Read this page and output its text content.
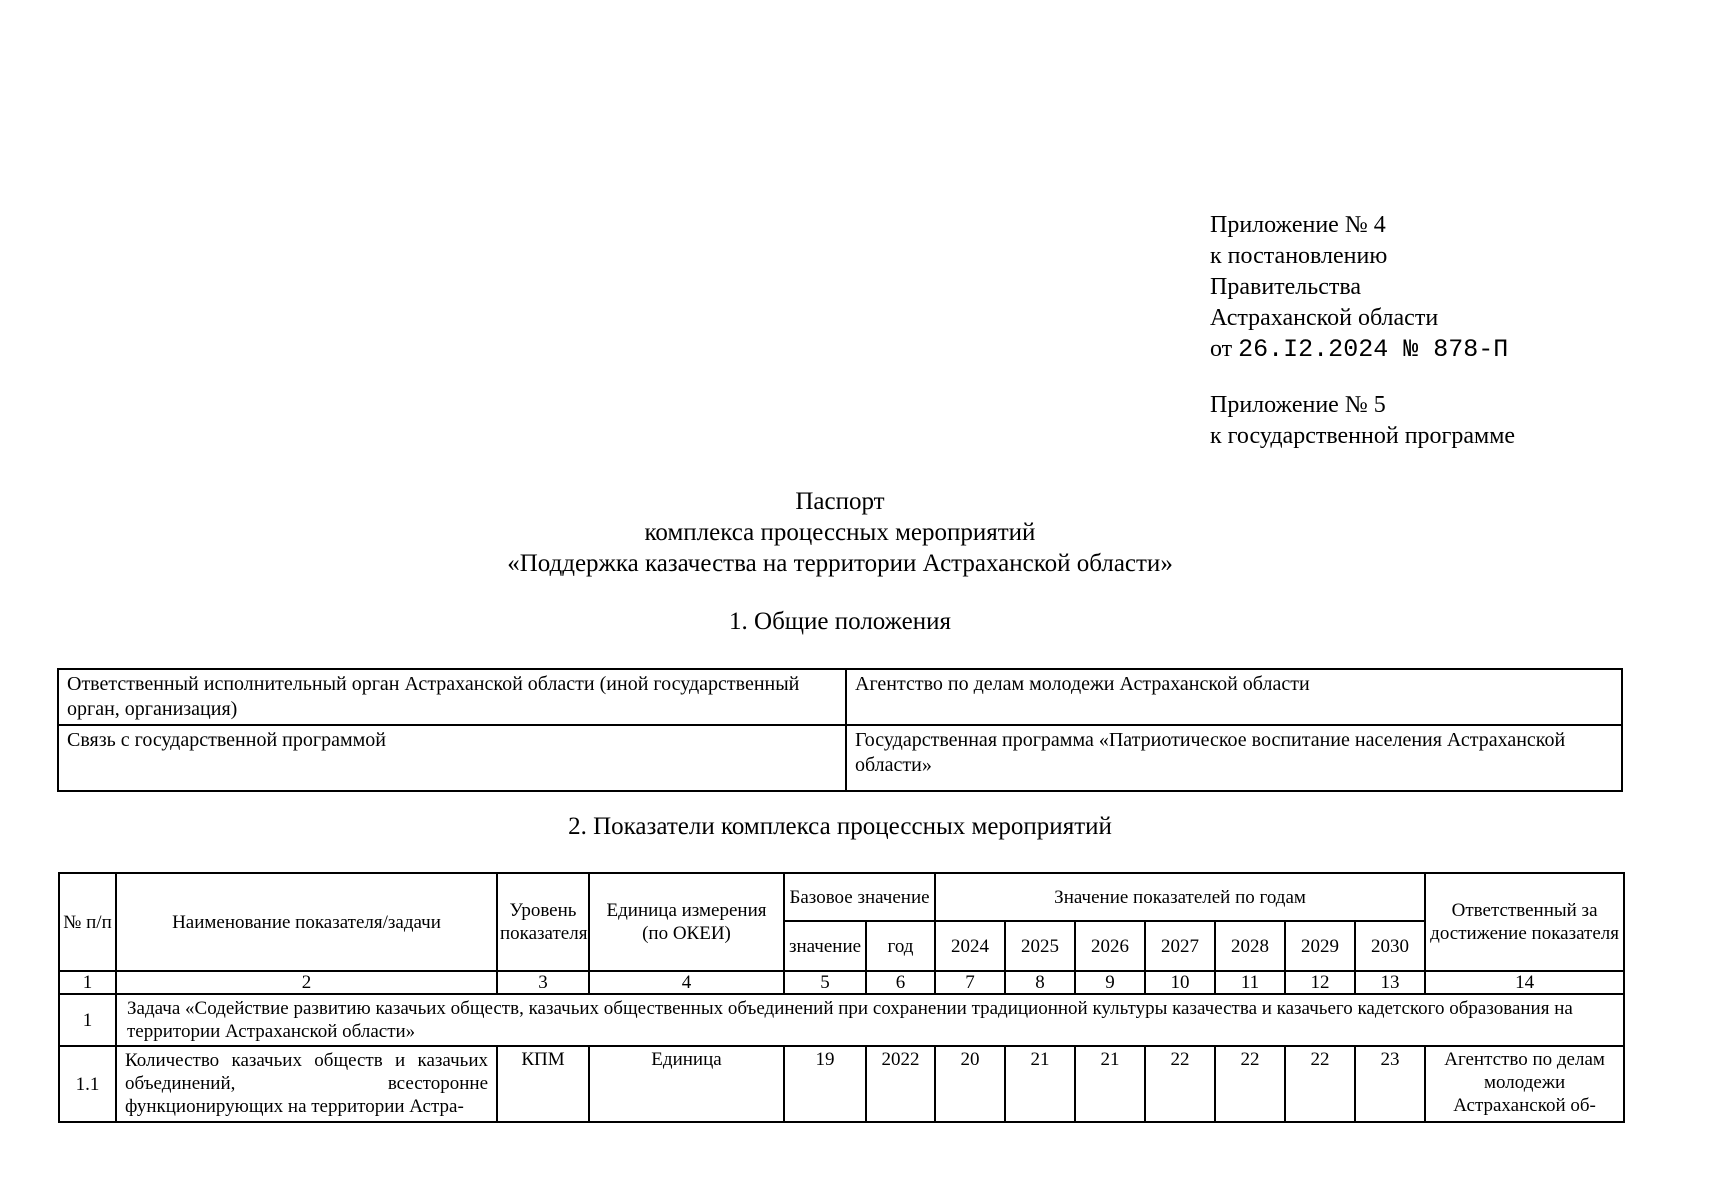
Приложение № 4
к постановлению
Правительства
Астраханской области
от 26.I2.2024 № 878-П
Приложение № 5
к государственной программе
Паспорт
комплекса процессных мероприятий
«Поддержка казачества на территории Астраханской области»
1. Общие положения
Ответственный исполнительный орган Астраханской области (иной государственный орган, организация)	Агентство по делам молодежи Астраханской области
Связь с государственной программой	Государственная программа «Патриотическое воспитание населения Астраханской области»
2. Показатели комплекса процессных мероприятий
№ п/п	Наименование показателя/задачи	Уровень показателя	Единица измерения (по ОКЕИ)	Базовое значение		Значение показателей по годам							Ответственный за достижение показателя
				значение	год	2024	2025	2026	2027	2028	2029	2030	
1	2	3	4	5	6	7	8	9	10	11	12	13	14
1	Задача «Содействие развитию казачьих обществ, казачьих общественных объединений при сохранении традиционной культуры казачества и казачьего кадетского образования на территории Астраханской области»												
1.1	Количество казачьих обществ и казачьих объединений, всесторонне функционирующих на территории Астра-	КПМ	Единица	19	2022	20	21	21	22	22	22	23	Агентство по делам молодежи Астраханской об-
